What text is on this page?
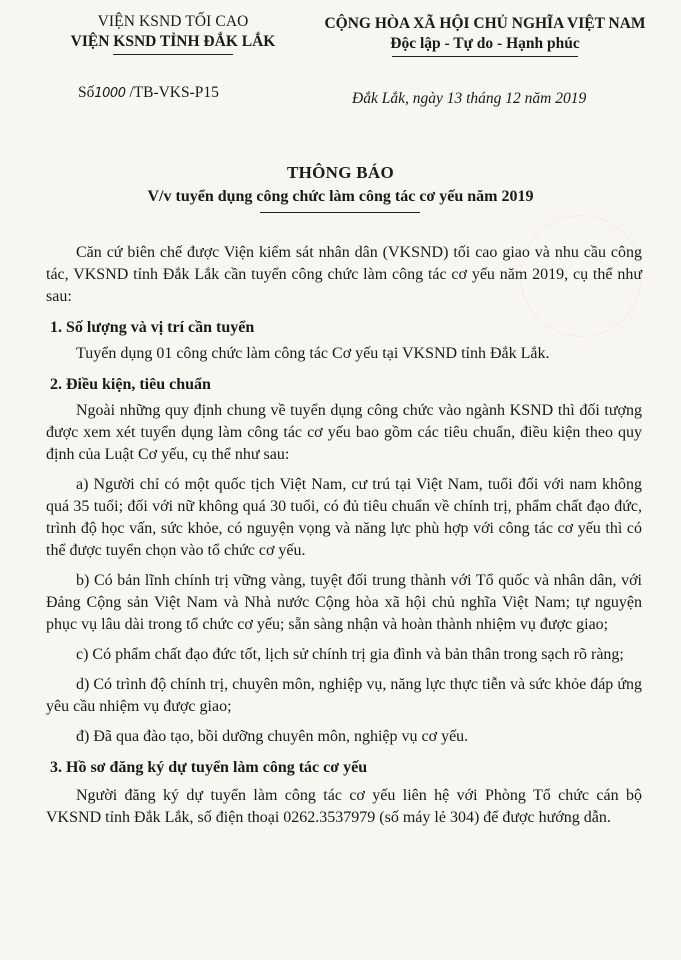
VIỆN KSND TỐI CAO
VIỆN KSND TỈNH ĐẮK LẮK
CỘNG HÒA XÃ HỘI CHỦ NGHĨA VIỆT NAM
Độc lập - Tự do - Hạnh phúc
Số1000 /TB-VKS-P15	Đắk Lắk, ngày 13 tháng 12 năm 2019
THÔNG BÁO
V/v tuyển dụng công chức làm công tác cơ yếu năm 2019

Căn cứ biên chế được Viện kiểm sát nhân dân (VKSND) tối cao giao và nhu cầu công tác, VKSND tỉnh Đắk Lắk cần tuyển công chức làm công tác cơ yếu năm 2019, cụ thể như sau:

1. Số lượng và vị trí cần tuyển

Tuyển dụng 01 công chức làm công tác Cơ yếu tại VKSND tỉnh Đắk Lắk.

2. Điều kiện, tiêu chuẩn

Ngoài những quy định chung về tuyển dụng công chức vào ngành KSND thì đối tượng được xem xét tuyển dụng làm công tác cơ yếu bao gồm các tiêu chuẩn, điều kiện theo quy định của Luật Cơ yếu, cụ thể như sau:

a) Người chỉ có một quốc tịch Việt Nam, cư trú tại Việt Nam, tuổi đối với nam không quá 35 tuổi; đối với nữ không quá 30 tuổi, có đủ tiêu chuẩn về chính trị, phẩm chất đạo đức, trình độ học vấn, sức khỏe, có nguyện vọng và năng lực phù hợp với công tác cơ yếu thì có thể được tuyển chọn vào tổ chức cơ yếu.

b) Có bản lĩnh chính trị vững vàng, tuyệt đối trung thành với Tổ quốc và nhân dân, với Đảng Cộng sản Việt Nam và Nhà nước Cộng hòa xã hội chủ nghĩa Việt Nam; tự nguyện phục vụ lâu dài trong tổ chức cơ yếu; sẵn sàng nhận và hoàn thành nhiệm vụ được giao;

c) Có phẩm chất đạo đức tốt, lịch sử chính trị gia đình và bản thân trong sạch rõ ràng;

d) Có trình độ chính trị, chuyên môn, nghiệp vụ, năng lực thực tiễn và sức khỏe đáp ứng yêu cầu nhiệm vụ được giao;

đ) Đã qua đào tạo, bồi dưỡng chuyên môn, nghiệp vụ cơ yếu.

3. Hồ sơ đăng ký dự tuyển làm công tác cơ yếu

Người đăng ký dự tuyển làm công tác cơ yếu liên hệ với Phòng Tổ chức cán bộ VKSND tỉnh Đắk Lắk, số điện thoại 0262.3537979 (số máy lẻ 304) để được hướng dẫn.
